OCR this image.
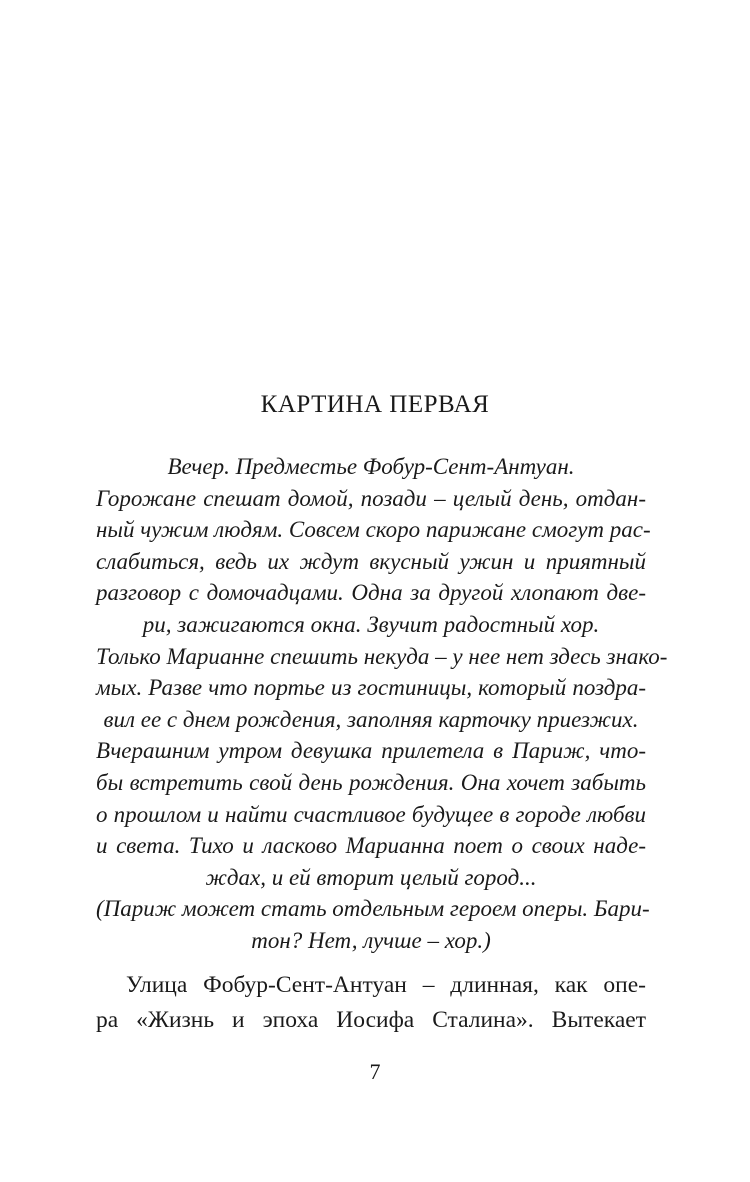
КАРТИНА ПЕРВАЯ
Вечер. Предместье Фобур-Сент-Антуан.
Горожане спешат домой, позади – целый день, отдан-
ный чужим людям. Совсем скоро парижане смогут рас-
слабиться, ведь их ждут вкусный ужин и приятный
разговор с домочадцами. Одна за другой хлопают две-
ри, зажигаются окна. Звучит радостный хор.
Только Марианне спешить некуда – у нее нет здесь знако-
мых. Разве что портье из гостиницы, который поздра-
вил ее с днем рождения, заполняя карточку приезжих.
Вчерашним утром девушка прилетела в Париж, что-
бы встретить свой день рождения. Она хочет забыть
о прошлом и найти счастливое будущее в городе любви
и света. Тихо и ласково Марианна поет о своих наде-
ждах, и ей вторит целый город...
(Париж может стать отдельным героем оперы. Бари-
тон? Нет, лучше – хор.)
Улица Фобур-Сент-Антуан – длинная, как опе-
ра «Жизнь и эпоха Иосифа Сталина». Вытекает
7
